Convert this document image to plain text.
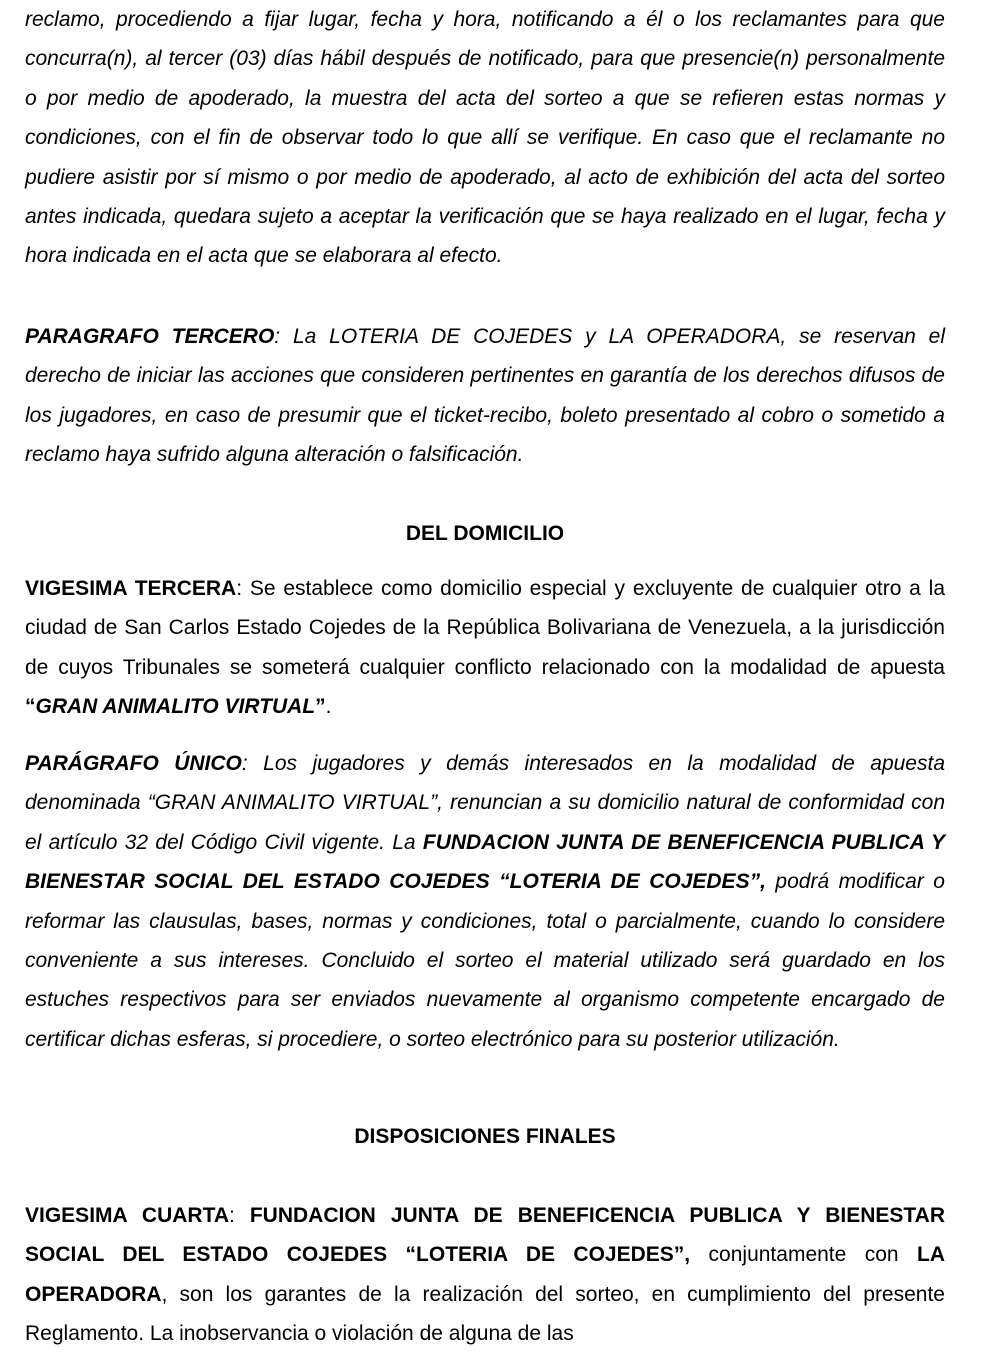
reclamo, procediendo a fijar lugar, fecha y hora, notificando a él o los reclamantes para que concurra(n), al tercer (03) días hábil después de notificado, para que presencie(n) personalmente o por medio de apoderado, la muestra del acta del sorteo a que se refieren estas normas y condiciones, con el fin de observar todo lo que allí se verifique. En caso que el reclamante no pudiere asistir por sí mismo o por medio de apoderado, al acto de exhibición del acta del sorteo antes indicada, quedara sujeto a aceptar la verificación que se haya realizado en el lugar, fecha y hora indicada en el acta que se elaborara al efecto.

PARAGRAFO TERCERO: La LOTERIA DE COJEDES y LA OPERADORA, se reservan el derecho de iniciar las acciones que consideren pertinentes en garantía de los derechos difusos de los jugadores, en caso de presumir que el ticket-recibo, boleto presentado al cobro o sometido a reclamo haya sufrido alguna alteración o falsificación.

DEL DOMICILIO

VIGESIMA TERCERA: Se establece como domicilio especial y excluyente de cualquier otro a la ciudad de San Carlos Estado Cojedes de la República Bolivariana de Venezuela, a la jurisdicción de cuyos Tribunales se someterá cualquier conflicto relacionado con la modalidad de apuesta “GRAN ANIMALITO VIRTUAL”.

PARÁGRAFO ÚNICO: Los jugadores y demás interesados en la modalidad de apuesta denominada “GRAN ANIMALITO VIRTUAL”, renuncian a su domicilio natural de conformidad con el artículo 32 del Código Civil vigente. La FUNDACION JUNTA DE BENEFICENCIA PUBLICA Y BIENESTAR SOCIAL DEL ESTADO COJEDES “LOTERIA DE COJEDES”, podrá modificar o reformar las clausulas, bases, normas y condiciones, total o parcialmente, cuando lo considere conveniente a sus intereses. Concluido el sorteo el material utilizado será guardado en los estuches respectivos para ser enviados nuevamente al organismo competente encargado de certificar dichas esferas, si procediere, o sorteo electrónico para su posterior utilización.

DISPOSICIONES FINALES

VIGESIMA CUARTA: FUNDACION JUNTA DE BENEFICENCIA PUBLICA Y BIENESTAR SOCIAL DEL ESTADO COJEDES “LOTERIA DE COJEDES”, conjuntamente con LA OPERADORA, son los garantes de la realización del sorteo, en cumplimiento del presente Reglamento. La inobservancia o violación de alguna de las
